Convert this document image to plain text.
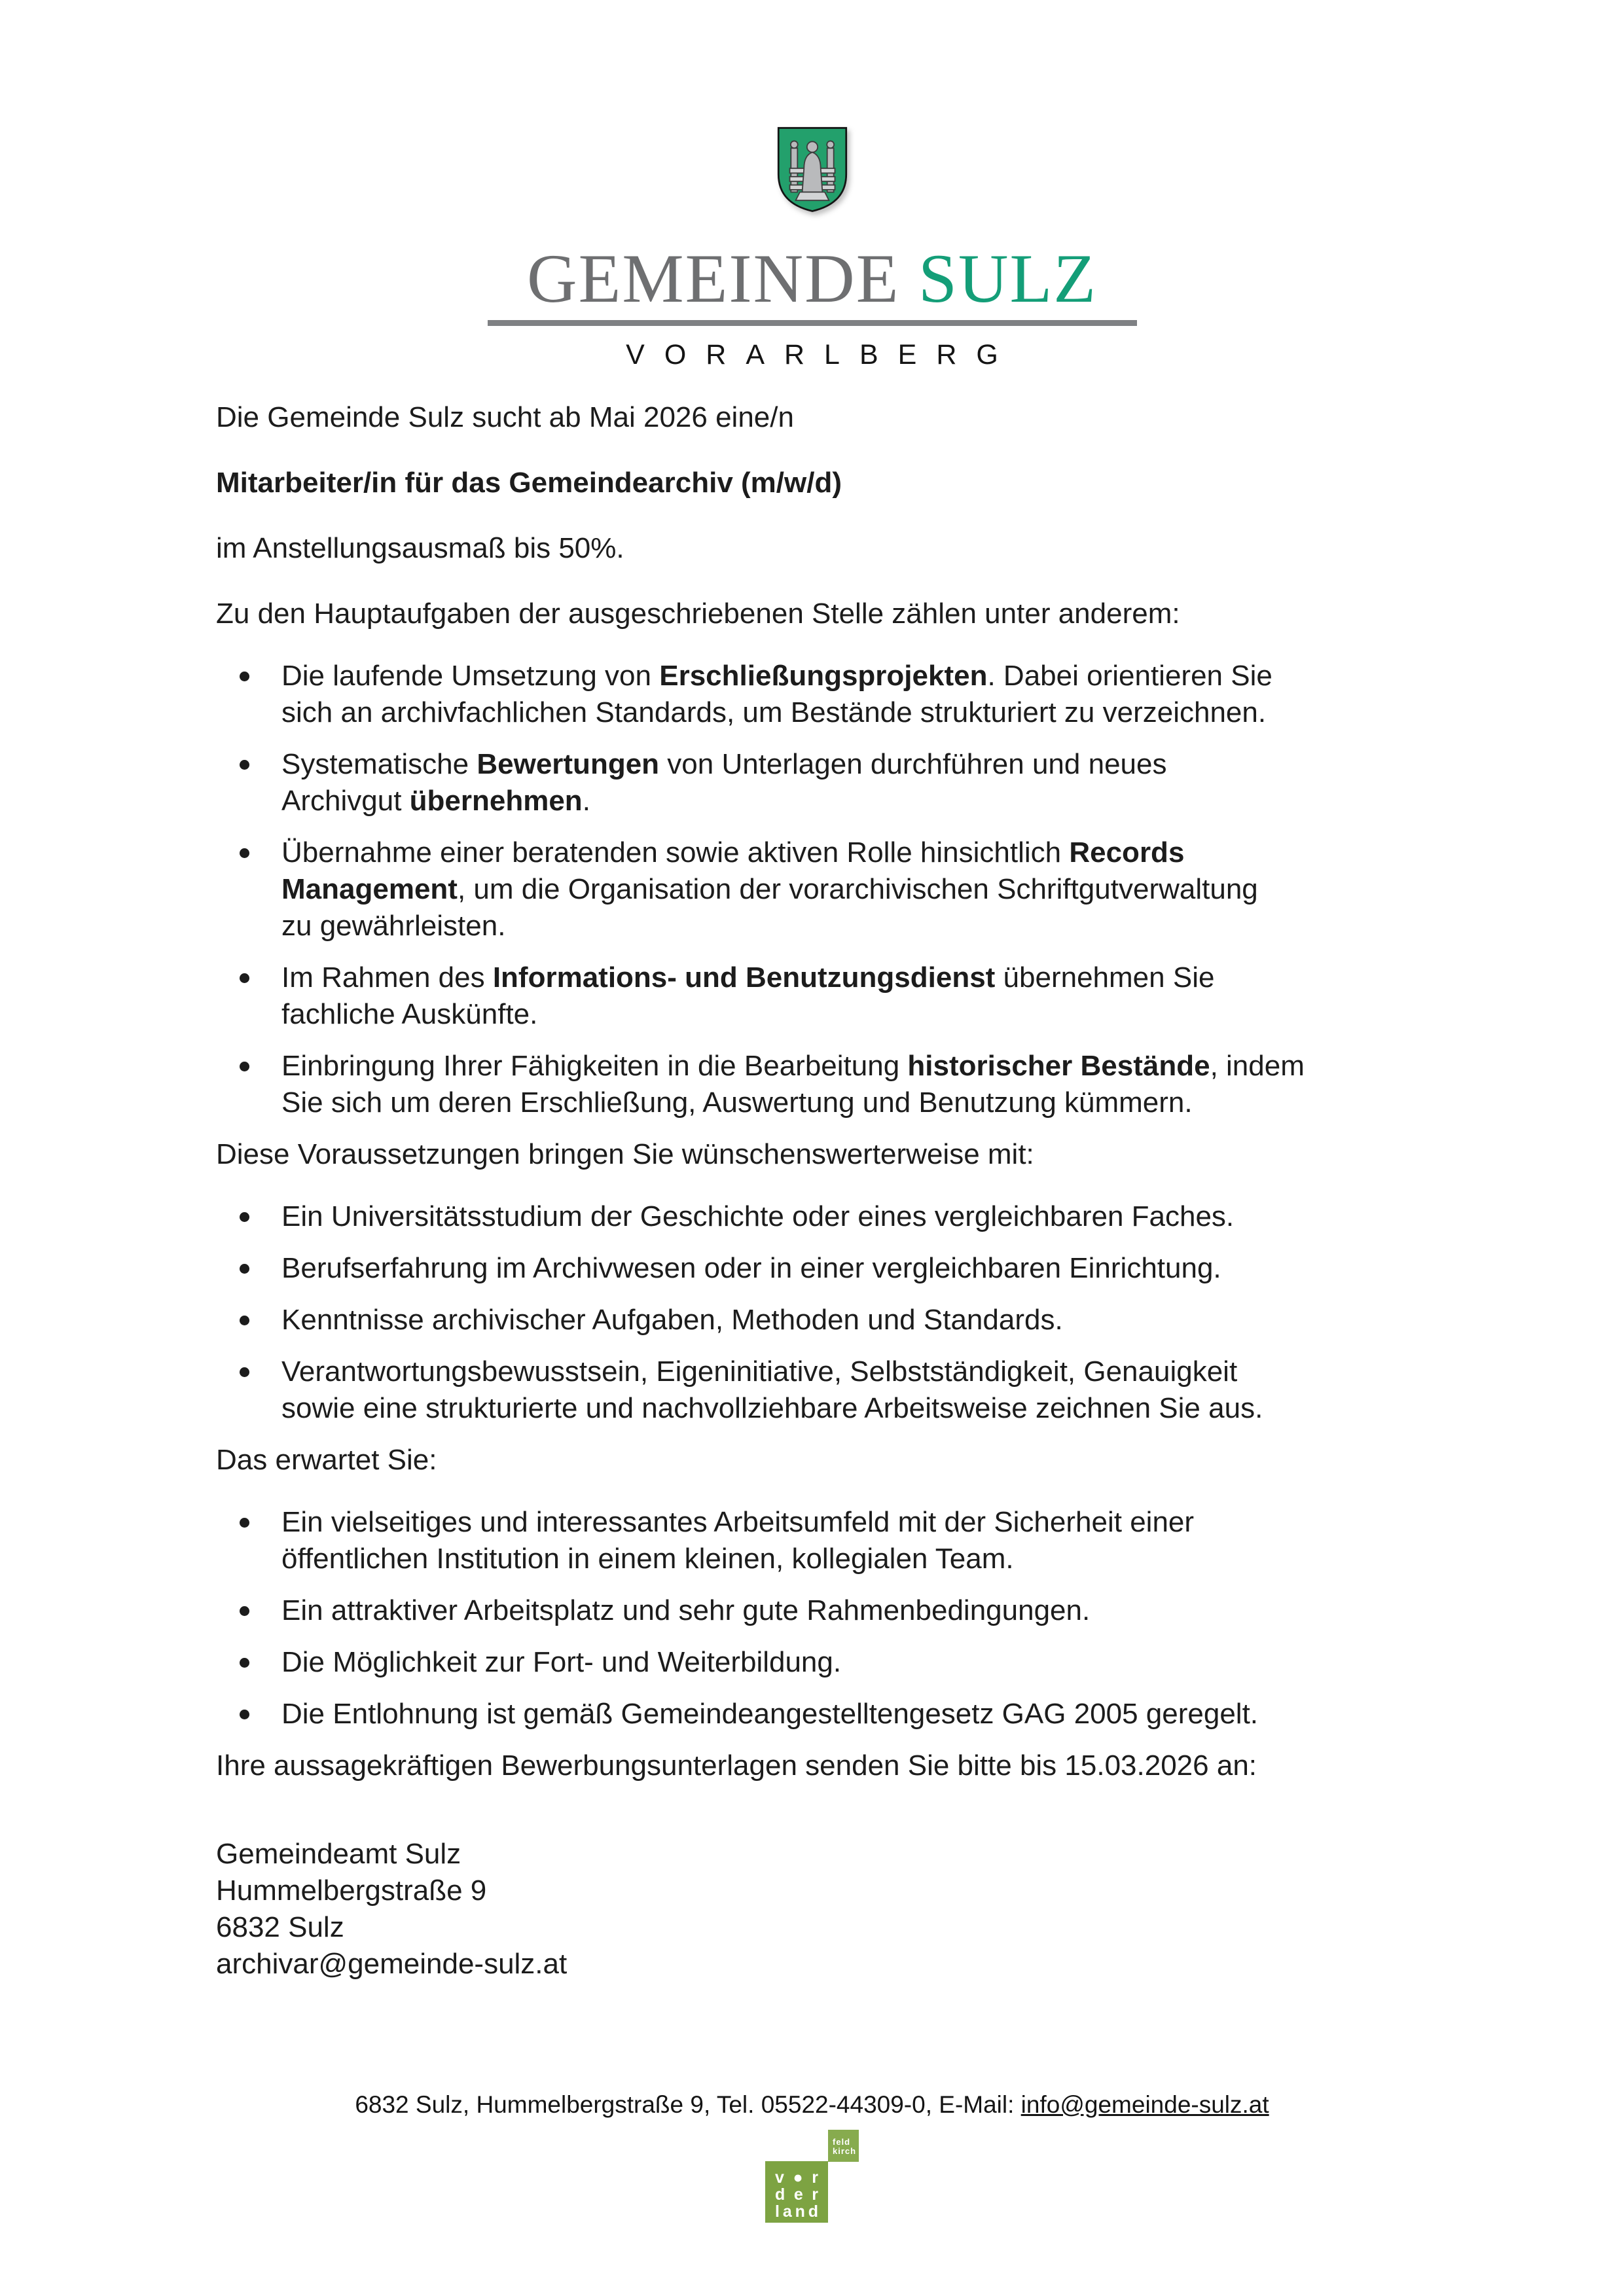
GEMEINDE SULZ
VORARLBERG

Die Gemeinde Sulz sucht ab Mai 2026 eine/n

Mitarbeiter/in für das Gemeindearchiv (m/w/d)

im Anstellungsausmaß bis 50%.

Zu den Hauptaufgaben der ausgeschriebenen Stelle zählen unter anderem:

Die laufende Umsetzung von Erschließungsprojekten. Dabei orientieren Sie
sich an archivfachlichen Standards, um Bestände strukturiert zu verzeichnen.
Systematische Bewertungen von Unterlagen durchführen und neues
Archivgut übernehmen.
Übernahme einer beratenden sowie aktiven Rolle hinsichtlich Records
Management, um die Organisation der vorarchivischen Schriftgutverwaltung
zu gewährleisten.
Im Rahmen des Informations- und Benutzungsdienst übernehmen Sie
fachliche Auskünfte.
Einbringung Ihrer Fähigkeiten in die Bearbeitung historischer Bestände, indem
Sie sich um deren Erschließung, Auswertung und Benutzung kümmern.

Diese Voraussetzungen bringen Sie wünschenswerterweise mit:

Ein Universitätsstudium der Geschichte oder eines vergleichbaren Faches.
Berufserfahrung im Archivwesen oder in einer vergleichbaren Einrichtung.
Kenntnisse archivischer Aufgaben, Methoden und Standards.
Verantwortungsbewusstsein, Eigeninitiative, Selbstständigkeit, Genauigkeit
sowie eine strukturierte und nachvollziehbare Arbeitsweise zeichnen Sie aus.

Das erwartet Sie:

Ein vielseitiges und interessantes Arbeitsumfeld mit der Sicherheit einer
öffentlichen Institution in einem kleinen, kollegialen Team.
Ein attraktiver Arbeitsplatz und sehr gute Rahmenbedingungen.
Die Möglichkeit zur Fort- und Weiterbildung.
Die Entlohnung ist gemäß Gemeindeangestelltengesetz GAG 2005 geregelt.

Ihre aussagekräftigen Bewerbungsunterlagen senden Sie bitte bis 15.03.2026 an:

Gemeindeamt Sulz
Hummelbergstraße 9
6832 Sulz
archivar@gemeinde-sulz.at

6832 Sulz, Hummelbergstraße 9, Tel. 05522-44309-0, E-Mail: info@gemeinde-sulz.at

feld
kirch
v ● r
d e r
l a n d
